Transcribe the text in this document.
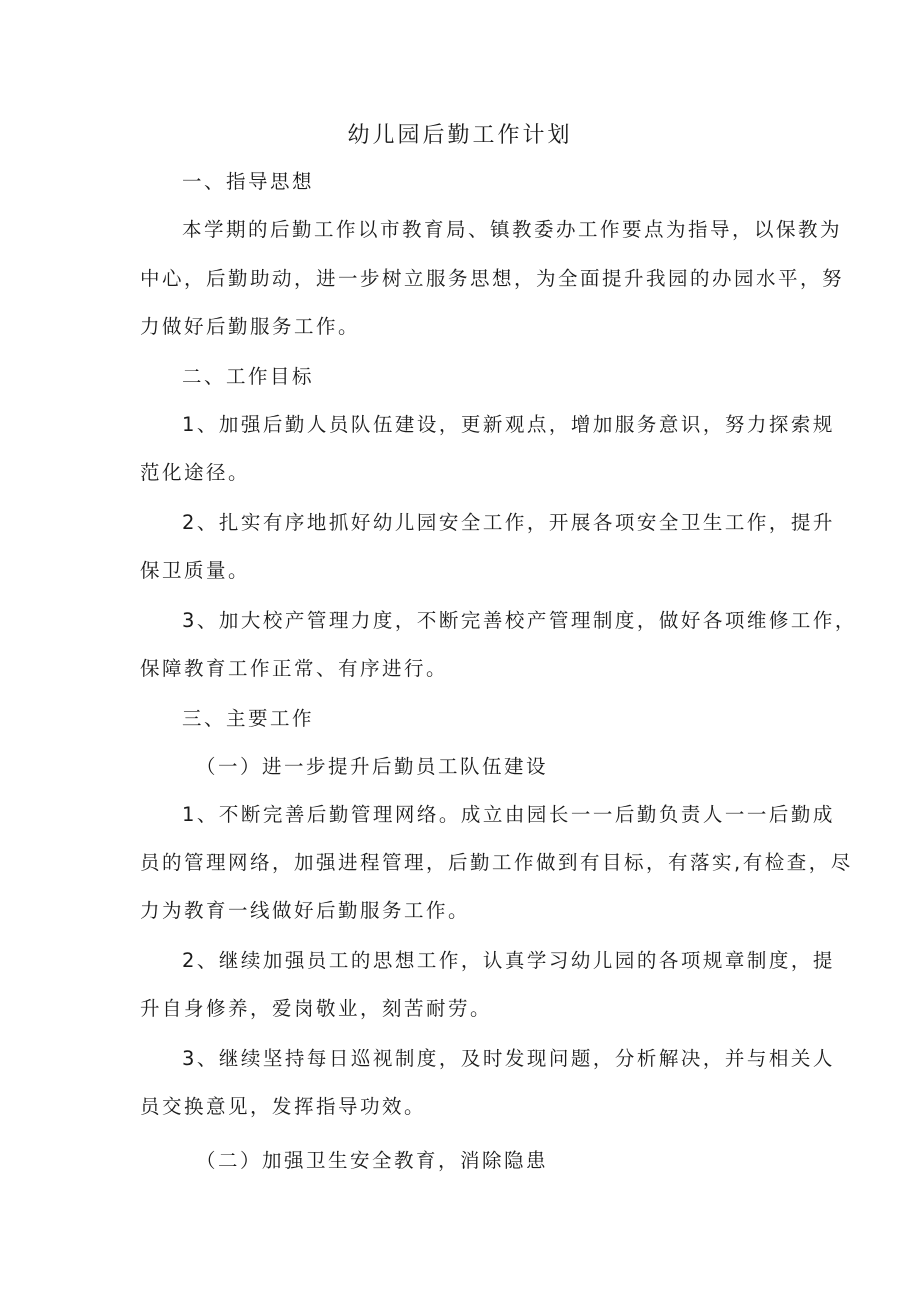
幼儿园后勤工作计划
一、指导思想
本学期的后勤工作以市教育局、镇教委办工作要点为指导，以保教为
中心，后勤助动，进一步树立服务思想，为全面提升我园的办园水平，努
力做好后勤服务工作。
二、工作目标
1、加强后勤人员队伍建设，更新观点，增加服务意识，努力探索规
范化途径。
2、扎实有序地抓好幼儿园安全工作，开展各项安全卫生工作，提升
保卫质量。
3、加大校产管理力度，不断完善校产管理制度，做好各项维修工作，
保障教育工作正常、有序进行。
三、主要工作
（一）进一步提升后勤员工队伍建设
1、不断完善后勤管理网络。成立由园长一一后勤负责人一一后勤成
员的管理网络，加强进程管理，后勤工作做到有目标，有落实,有检查，尽
力为教育一线做好后勤服务工作。
2、继续加强员工的思想工作，认真学习幼儿园的各项规章制度，提
升自身修养，爱岗敬业，刻苦耐劳。
3、继续坚持每日巡视制度，及时发现问题，分析解决，并与相关人
员交换意见，发挥指导功效。
（二）加强卫生安全教育，消除隐患
